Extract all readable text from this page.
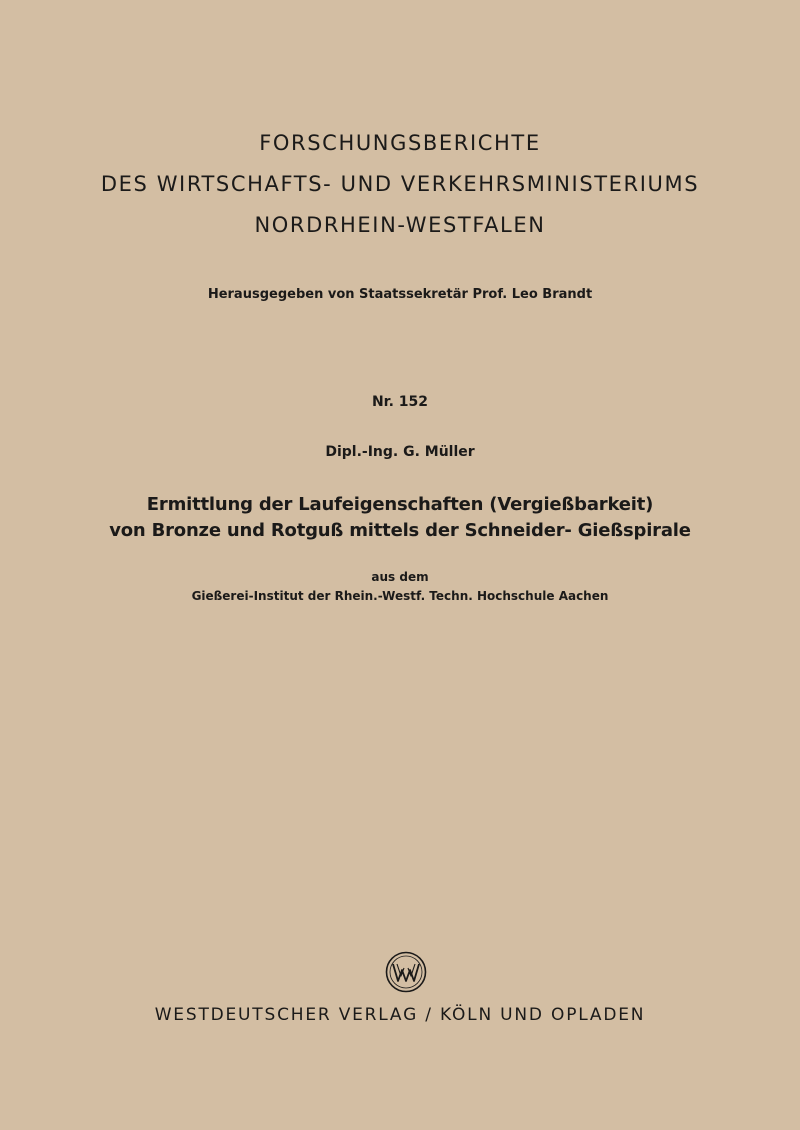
FORSCHUNGSBERICHTE
DES WIRTSCHAFTS- UND VERKEHRSMINISTERIUMS
NORDRHEIN-WESTFALEN
Herausgegeben von Staatssekretär Prof. Leo Brandt
Nr. 152
Dipl.-Ing. G. Müller
Ermittlung der Laufeigenschaften (Vergießbarkeit)
von Bronze und Rotguß mittels der Schneider- Gießspirale
aus dem
Gießerei-Institut der Rhein.-Westf. Techn. Hochschule Aachen
WESTDEUTSCHER VERLAG / KÖLN UND OPLADEN
